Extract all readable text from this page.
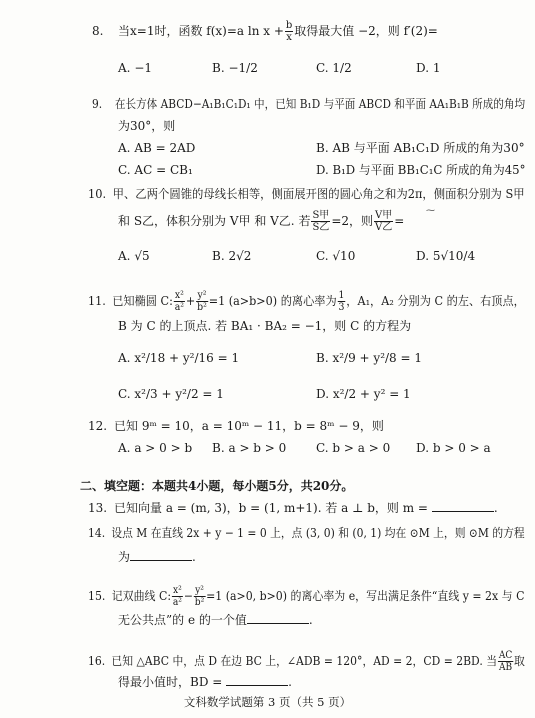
8. 当x=1时，函数 f(x)=a $\ln x + \frac{b}{x}$ 取得最大值 −2，则 f′(2)=
A. −1	B. −1/2	C. 1/2	D. 1
9. 在长方体 ABCD−A₁B₁C₁D₁ 中，已知 B₁D 与平面 ABCD 和平面 AA₁B₁B 所成的角均
为30°，则
A. AB = 2AD	B. AB 与平面 AB₁C₁D 所成的角为30°
C. AC = CB₁	D. B₁D 与平面 BB₁C₁C 所成的角为45°
10. 甲、乙两个圆锥的母线长相等，侧面展开图的圆心角之和为2π，侧面积分别为 S甲
和 S乙，体积分别为 V甲 和 V乙. 若 $\frac{\text{S甲}}{\text{S乙}} =2$，则 $\frac{\text{V甲}}{\text{V乙}}$ =
⁓
A. √5	B. 2√2	C. √10	D. 5√10/4
11. 已知椭圆 C: $\frac{\text{x²}}{\text{a²}} + \frac{\text{y²}}{\text{b²}} =1$ (a>b>0) 的离心率为 $\frac{1}{3}$ ，A₁，A₂ 分别为 C 的左、右顶点，
B 为 C 的上顶点. 若 BA₁ · BA₂ = −1，则 C 的方程为
A. x²/18 + y²/16 = 1	B. x²/9 + y²/8 = 1
C. x²/3 + y²/2 = 1	D. x²/2 + y² = 1
12. 已知 9ᵐ = 10，a = 10ᵐ − 11，b = 8ᵐ − 9，则
A. a > 0 > b B. a > b > 0 C. b > a > 0 D. b > 0 > a
二、填空题：本题共4小题，每小题5分，共20分。
13. 已知向量 a = (m, 3)，b = (1, m+1). 若 a ⊥ b，则 m =	.
14. 设点 M 在直线 2x + y − 1 = 0 上，点 (3, 0) 和 (0, 1) 均在 ⊙M 上，则 ⊙M 的方程
为	.
15. 记双曲线 C: $\frac{\text{x²}}{\text{a²}} - \frac{\text{y²}}{\text{b²}} =1$ (a>0, b>0) 的离心率为 e，写出满足条件“直线 y = 2x 与 C
无公共点”的 e 的一个值	.
16. 已知 △ABC 中，点 D 在边 BC 上，∠ADB = 120°，AD = 2，CD = 2BD. 当 $\frac{AC}{AB}$ 取
得最小值时，BD =	.
文科数学试题第 3 页（共 5 页）
